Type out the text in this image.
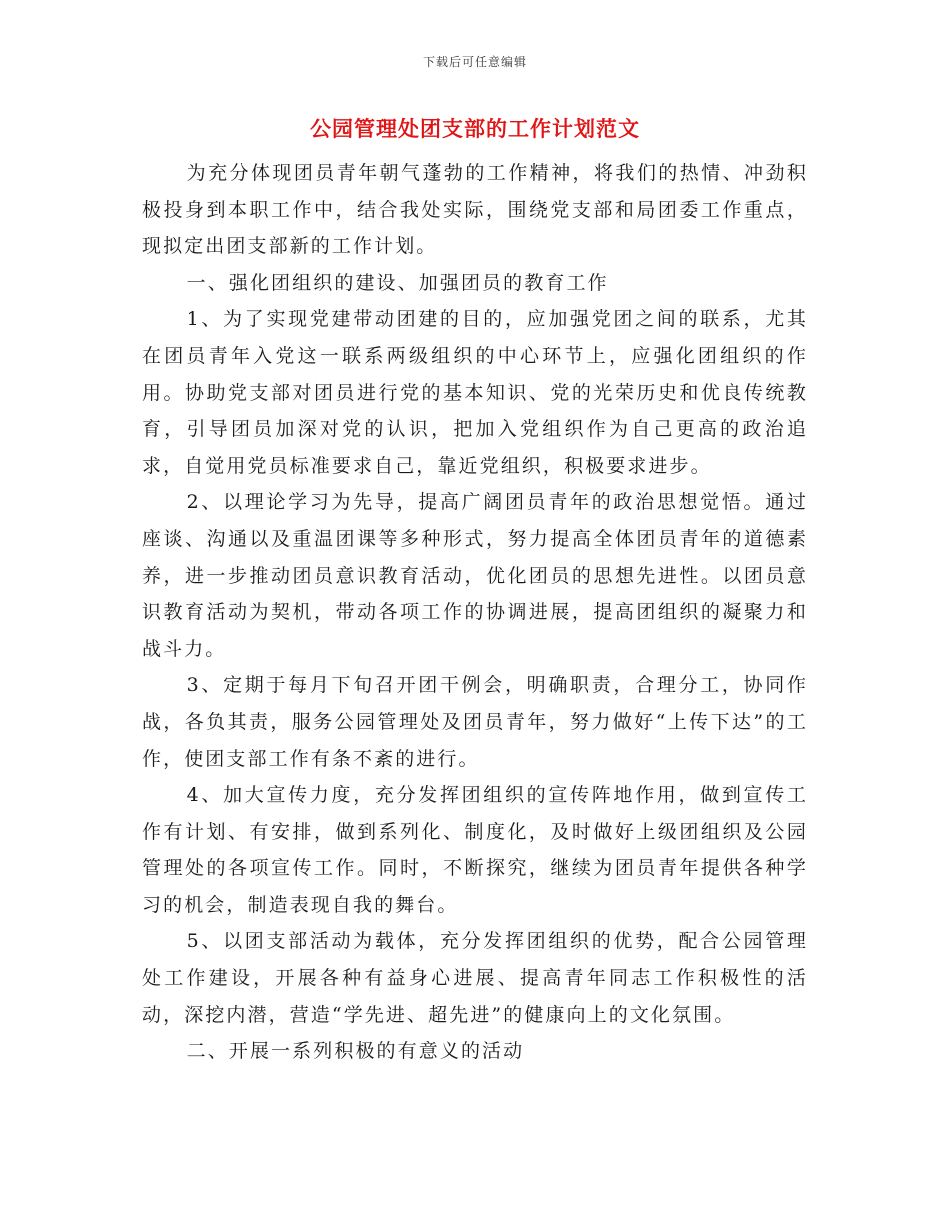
下载后可任意编辑
公园管理处团支部的工作计划范文

为充分体现团员青年朝气蓬勃的工作精神，将我们的热情、冲劲积极投身到本职工作中，结合我处实际，围绕党支部和局团委工作重点，现拟定出团支部新的工作计划。

一、强化团组织的建设、加强团员的教育工作

1、为了实现党建带动团建的目的，应加强党团之间的联系，尤其在团员青年入党这一联系两级组织的中心环节上，应强化团组织的作用。协助党支部对团员进行党的基本知识、党的光荣历史和优良传统教育，引导团员加深对党的认识，把加入党组织作为自己更高的政治追求，自觉用党员标准要求自己，靠近党组织，积极要求进步。

2、以理论学习为先导，提高广阔团员青年的政治思想觉悟。通过座谈、沟通以及重温团课等多种形式，努力提高全体团员青年的道德素养，进一步推动团员意识教育活动，优化团员的思想先进性。以团员意识教育活动为契机，带动各项工作的协调进展，提高团组织的凝聚力和战斗力。

3、定期于每月下旬召开团干例会，明确职责，合理分工，协同作战，各负其责，服务公园管理处及团员青年，努力做好“上传下达”的工作，使团支部工作有条不紊的进行。

4、加大宣传力度，充分发挥团组织的宣传阵地作用，做到宣传工作有计划、有安排，做到系列化、制度化，及时做好上级团组织及公园管理处的各项宣传工作。同时，不断探究，继续为团员青年提供各种学习的机会，制造表现自我的舞台。

5、以团支部活动为载体，充分发挥团组织的优势，配合公园管理处工作建设，开展各种有益身心进展、提高青年同志工作积极性的活动，深挖内潜，营造“学先进、超先进”的健康向上的文化氛围。

二、开展一系列积极的有意义的活动
